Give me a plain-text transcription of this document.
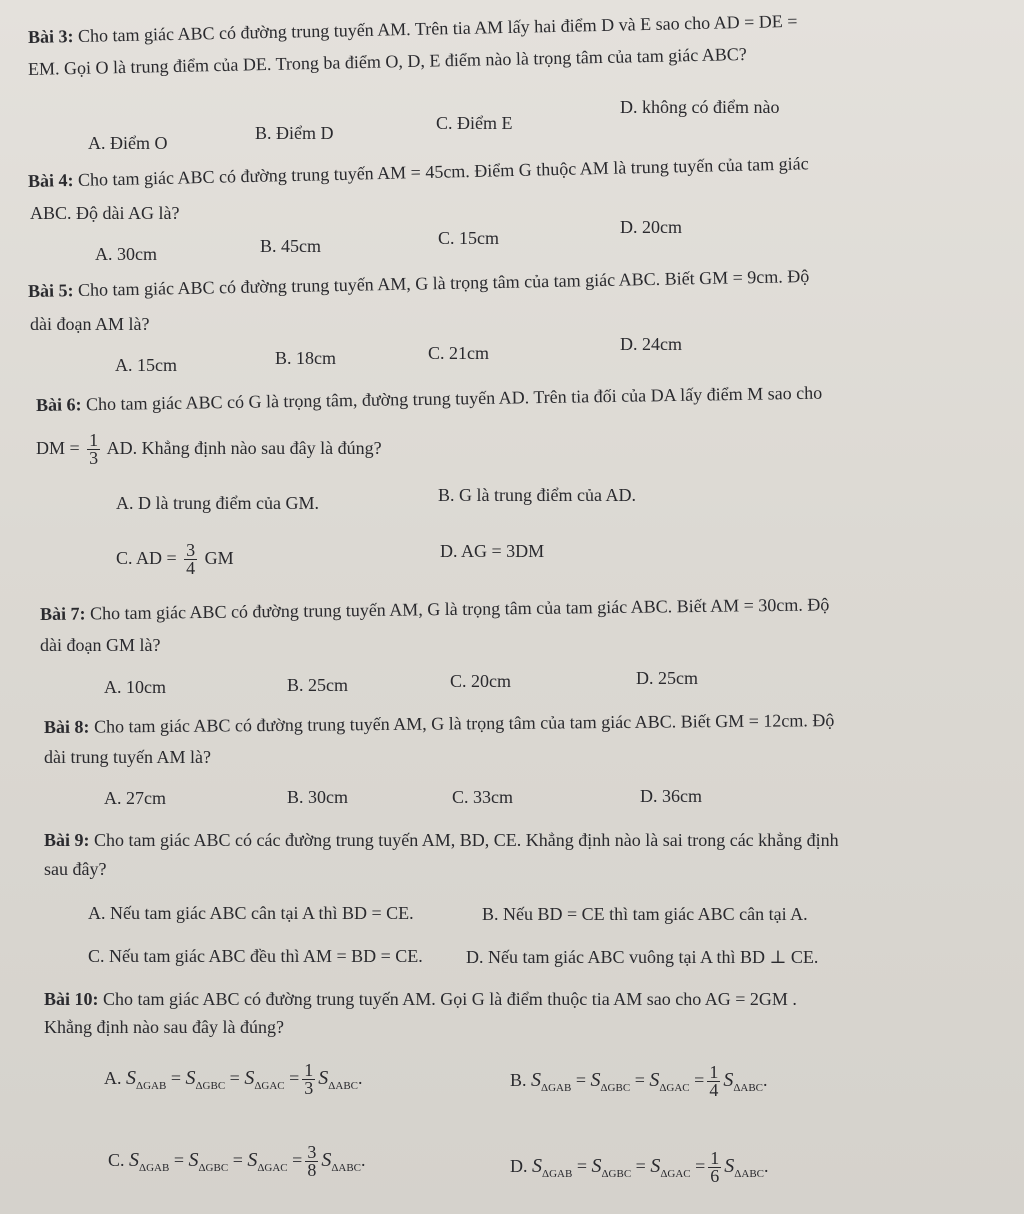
Bài 3: Cho tam giác ABC có đường trung tuyến AM. Trên tia AM lấy hai điểm D và E sao cho AD = DE =
EM. Gọi O là trung điểm của DE. Trong ba điểm O, D, E điểm nào là trọng tâm của tam giác ABC?
A. Điểm O	B. Điểm D	C. Điểm E
D. không có điểm nào
Bài 4: Cho tam giác ABC có đường trung tuyến AM = 45cm. Điểm G thuộc AM là trung tuyến của tam giác
ABC. Độ dài AG là?
A. 30cm	B. 45cm	C. 15cm
D. 20cm
Bài 5: Cho tam giác ABC có đường trung tuyến AM, G là trọng tâm của tam giác ABC. Biết GM = 9cm. Độ
dài đoạn AM là?
A. 15cm	B. 18cm	C. 21cm	D. 24cm
Bài 6: Cho tam giác ABC có G là trọng tâm, đường trung tuyến AD. Trên tia đối của DA lấy điểm M sao cho
DM = $\frac{1}{3}$ AD. Khẳng định nào sau đây là đúng?
A. D là trung điểm của GM.	B. G là trung điểm của AD.
C. AD = $\frac{3}{4}$ GM	D. AG = 3DM
Bài 7: Cho tam giác ABC có đường trung tuyến AM, G là trọng tâm của tam giác ABC. Biết AM = 30cm. Độ
dài đoạn GM là?
A. 10cm	B. 25cm	C. 20cm	D. 25cm
Bài 8: Cho tam giác ABC có đường trung tuyến AM, G là trọng tâm của tam giác ABC. Biết GM = 12cm. Độ
dài trung tuyến AM là?
A. 27cm	B. 30cm	C. 33cm	D. 36cm
Bài 9: Cho tam giác ABC có các đường trung tuyến AM, BD, CE. Khẳng định nào là sai trong các khẳng định
sau đây?
A. Nếu tam giác ABC cân tại A thì BD = CE.	B. Nếu BD = CE thì tam giác ABC cân tại A.
C. Nếu tam giác ABC đều thì AM = BD = CE. D. Nếu tam giác ABC vuông tại A thì BD ⊥ CE.
Bài 10: Cho tam giác ABC có đường trung tuyến AM. Gọi G là điểm thuộc tia AM sao cho AG = 2GM .
Khẳng định nào sau đây là đúng?
A. $S_{\Delta GAB} = S_{\Delta GBC} = S_{\Delta GAC} = \frac{1}{3} S_{\Delta ABC}$.	B. $S_{\Delta GAB} = S_{\Delta GBC} = S_{\Delta GAC} = \frac{1}{4} S_{\Delta ABC}$.
C. $S_{\Delta GAB} = S_{\Delta GBC} = S_{\Delta GAC} = \frac{3}{8} S_{\Delta ABC}$.	D. $S_{\Delta GAB} = S_{\Delta GBC} = S_{\Delta GAC} = \frac{1}{6} S_{\Delta ABC}$.
